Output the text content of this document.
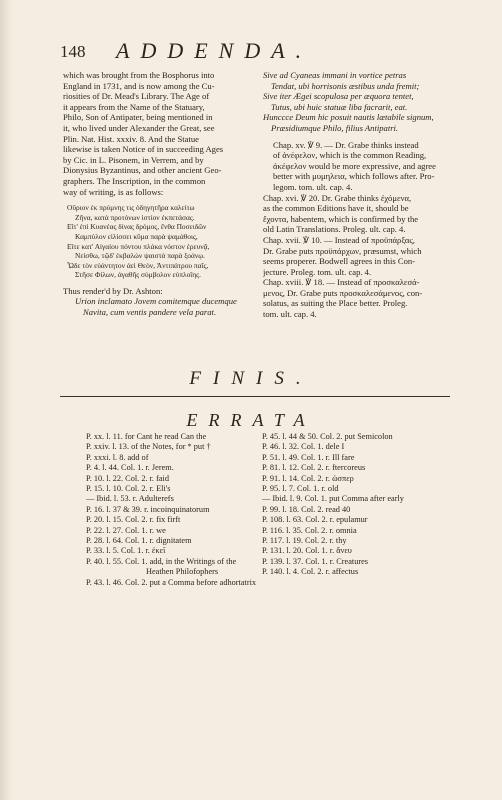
148 ADDENDA.
which was brought from the Bosphorus into
England in 1731, and is now among the Cu-
riosities of Dr. Mead's Library. The Age of
it appears from the Name of the Statuary,
Philo, Son of Antipater, being mentioned in
it, who lived under Alexander the Great, see
Plin. Nat. Hist. xxxiv. 8. And the Statue
likewise is taken Notice of in succeeding Ages
by Cic. in L. Pisonem, in Verrem, and by
Dionysius Byzantinus, and other ancient Geo-
graphers. The Inscription, in the common
way of writing, is as follows:
Οὔριον ἐκ πρύμνης τις ὁδηγητῆρα καλείτω
Ζῆνα, κατὰ προτόνων ἱστίον ἐκπετάσας.
Εἴτ' ἐπὶ Κυανέας δίνας δρόμος, ἔνθα Ποσειδῶν
Καμπύλον εἱλίσσει κῦμα παρὰ ψαμάθοις,
Εἴτε κατ' Αἰγαίου πόντου πλάκα νόστον ἐρευνᾷ,
Νείσθω, τῷδ' ἐκβαλὼν ψαιστὰ παρὰ ξοάνῳ.
Ὧδε τὸν εὐάντητον ἀεὶ Θεὸν, Ἀντιπάτρου παῖς,
Στῆσε Φίλων, ἀγαθῆς σύμβολον εὐπλοΐης.

Thus render'd by Dr. Ashton:

Urion inclamato Jovem comitemque ducemque
Navita, cum ventis pandere vela parat.
Sive ad Cyaneas immani in vortice petras
Tendat, ubi horrisonis æstibus unda fremit;
Sive iter Ægei scopulosa per æquora tentet,
Tutus, ubi huic statuæ liba facrarit, eat.
Hunccce Deum hic posuit nautis lætabile signum,
Præsidiumque Philo, filius Antipatri.
Chap. xv. ℣ 9. — Dr. Grabe thinks instead
of ἀνέφελον, which is the common Reading,
ἀκέφελον would be more expressive, and agree
better with μυμηλεια, which follows after. Pro-
legom. tom. ult. cap. 4.
Chap. xvi. ℣ 20. Dr. Grabe thinks ἐχόμενα,
as the common Editions have it, should be
ἔχοντα, habentem, which is confirmed by the
old Latin Translations. Proleg. ult. cap. 4.
Chap. xvii. ℣ 10. — Instead of προϋπάρξας,
Dr. Grabe puts προϋπάρχων, præsumst, which
seems properer. Bodwell agrees in this Con-
jecture. Proleg. tom. ult. cap. 4.
Chap. xviii. ℣ 18. — Instead of προσκαλεσά-
μενος, Dr. Grabe puts προσκαλεσάμενος, con-
solatus, as suiting the Place better. Proleg.
tom. ult. cap. 4.
FINIS.
ERRATA
P. xx. l. 11. for Cant he read Can the
P. xxiv. l. 13. of the Notes, for * put †
P. xxxi. l. 8. add of
P. 4. l. 44. Col. 1. r. Jerem.
P. 10. l. 22. Col. 2. r. faid
P. 15. l. 10. Col. 2. r. Eli's
— Ibid. l. 53. r. Adulterefs
P. 16. l. 37 & 39. r. incoinquinatorum
P. 20. l. 15. Col. 2. r. fix firft
P. 22. l. 27. Col. 1. r. we
P. 28. l. 64. Col. 1. r. dignitatem
P. 33. l. 5. Col. 1. r. ἐκεῖ
P. 40. l. 55. Col. 1. add, in the Writings of the
Heathen Philofophers
P. 43. l. 46. Col. 2. put a Comma before adhortatrix
P. 45. l. 44 & 50. Col. 2. put Semicolon
P. 46. l. 32. Col. 1. dele I
P. 51. l. 49. Col. 1. r. Ill fare
P. 81. l. 12. Col. 2. r. ftercoreus
P. 91. l. 14. Col. 2. r. ὡσπερ
P. 95. l. 7. Col. 1. r. old
— Ibid. l. 9. Col. 1. put Comma after early
P. 99. l. 18. Col. 2. read 40
P. 108. l. 63. Col. 2. r. epulamur
P. 116. l. 35. Col. 2. r. omnia
P. 117. l. 19. Col. 2. r. thy
P. 131. l. 20. Col. 1. r. ἄνευ
P. 139. l. 37. Col. 1. r. Creatures
P. 140. l. 4. Col. 2. r. affectus
